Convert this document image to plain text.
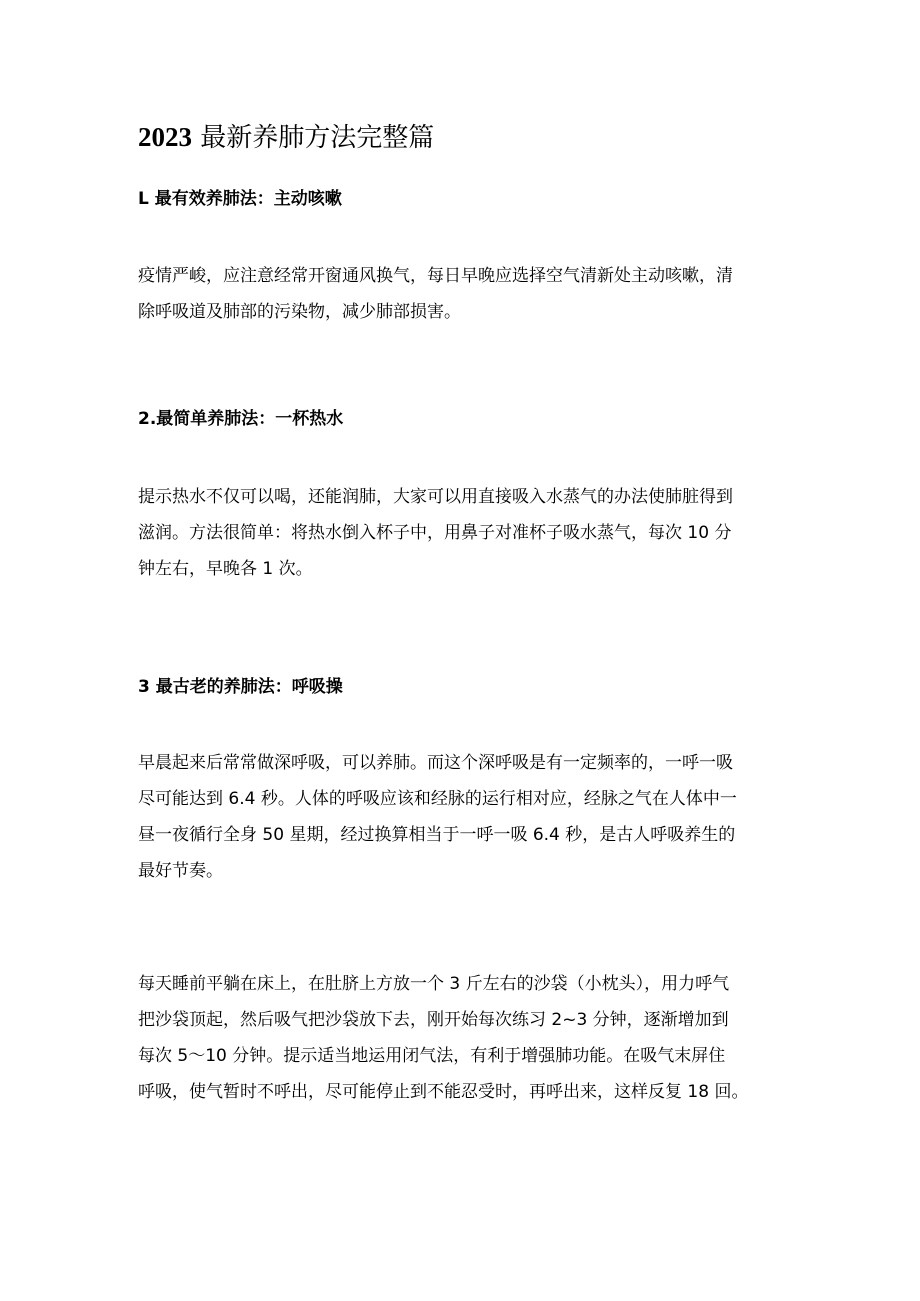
2023 最新养肺方法完整篇
L 最有效养肺法：主动咳嗽

疫情严峻，应注意经常开窗通风换气，每日早晚应选择空气清新处主动咳嗽，清
除呼吸道及肺部的污染物，减少肺部损害。

2.最简单养肺法：一杯热水

提示热水不仅可以喝，还能润肺，大家可以用直接吸入水蒸气的办法使肺脏得到
滋润。方法很简单：将热水倒入杯子中，用鼻子对准杯子吸水蒸气，每次 10 分
钟左右，早晚各 1 次。

3 最古老的养肺法：呼吸操

早晨起来后常常做深呼吸，可以养肺。而这个深呼吸是有一定频率的，一呼一吸
尽可能达到 6.4 秒。人体的呼吸应该和经脉的运行相对应，经脉之气在人体中一
昼一夜循行全身 50 星期，经过换算相当于一呼一吸 6.4 秒，是古人呼吸养生的
最好节奏。

每天睡前平躺在床上，在肚脐上方放一个 3 斤左右的沙袋（小枕头），用力呼气
把沙袋顶起，然后吸气把沙袋放下去，刚开始每次练习 2~3 分钟，逐渐增加到
每次 5～10 分钟。提示适当地运用闭气法，有利于增强肺功能。在吸气末屏住
呼吸，使气暂时不呼出，尽可能停止到不能忍受时，再呼出来，这样反复 18 回。
